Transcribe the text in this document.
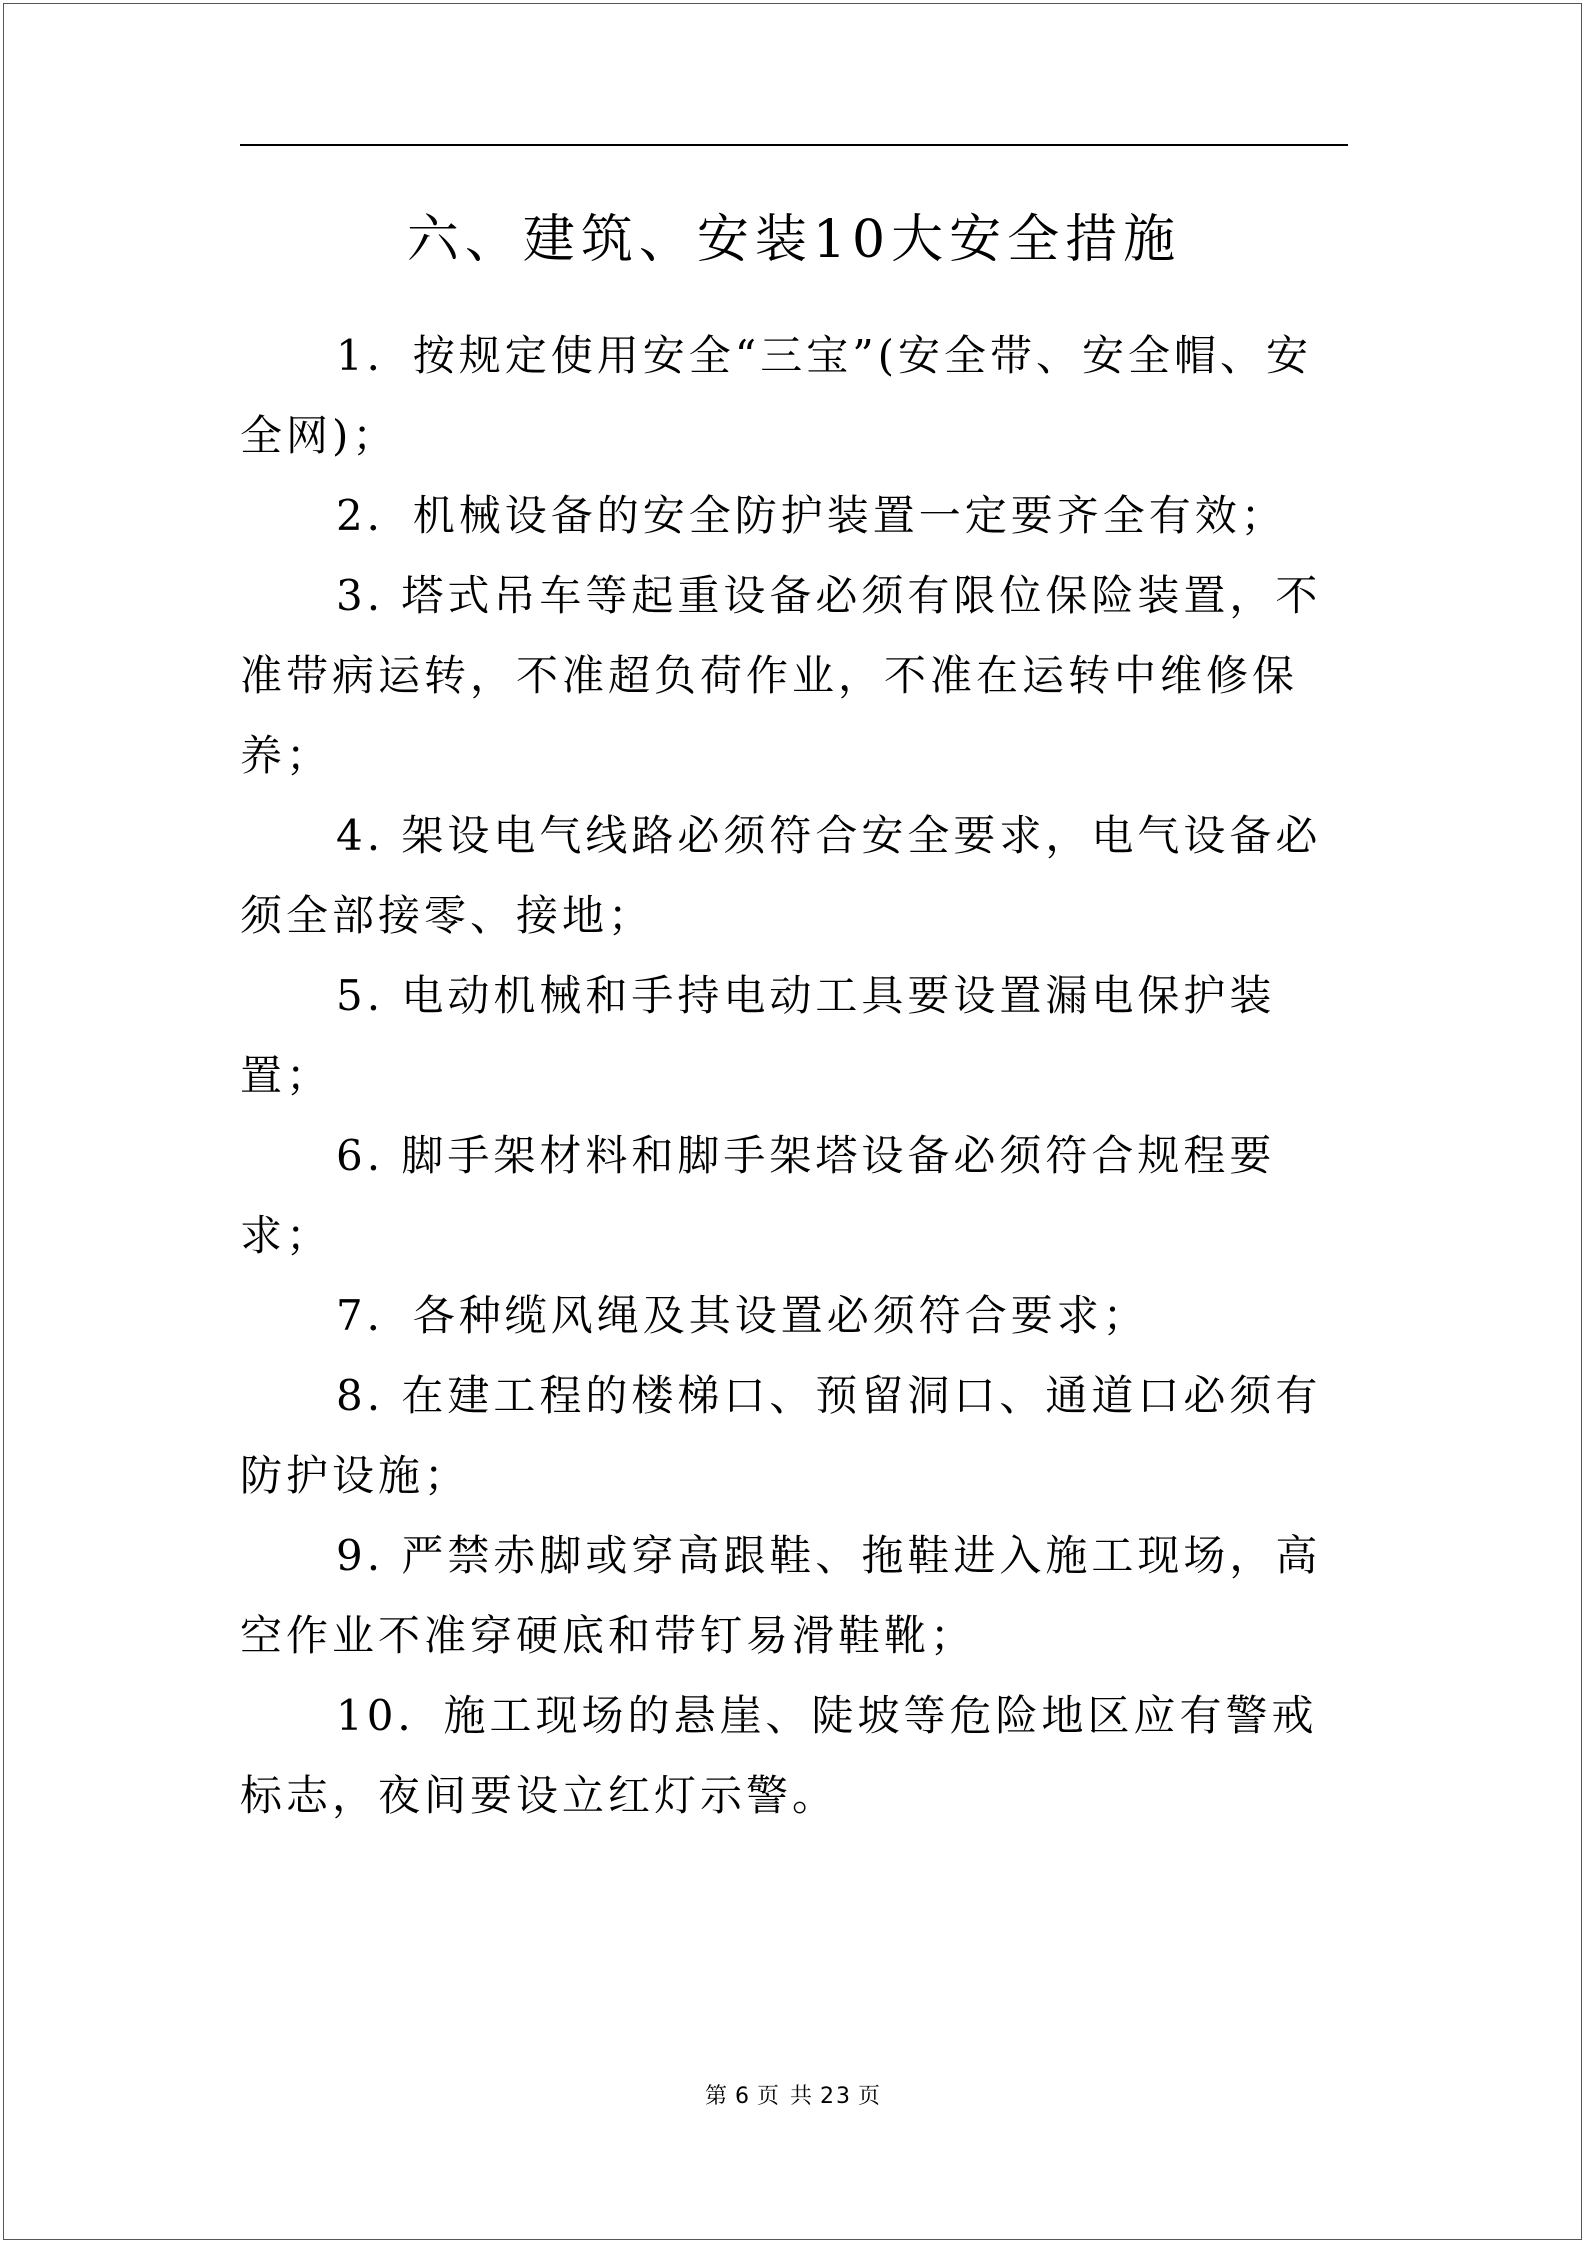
六、建筑、安装10大安全措施

1．按规定使用安全“三宝”(安全带、安全帽、安全网)；

2．机械设备的安全防护装置一定要齐全有效；

3. 塔式吊车等起重设备必须有限位保险装置，不准带病运转，不准超负荷作业，不准在运转中维修保养；

4. 架设电气线路必须符合安全要求，电气设备必须全部接零、接地；

5. 电动机械和手持电动工具要设置漏电保护装置；

6. 脚手架材料和脚手架塔设备必须符合规程要求；

7．各种缆风绳及其设置必须符合要求；

8. 在建工程的楼梯口、预留洞口、通道口必须有防护设施；

9. 严禁赤脚或穿高跟鞋、拖鞋进入施工现场，高空作业不准穿硬底和带钉易滑鞋靴；

10．施工现场的悬崖、陡坡等危险地区应有警戒标志，夜间要设立红灯示警。

第 6 页 共 23 页
